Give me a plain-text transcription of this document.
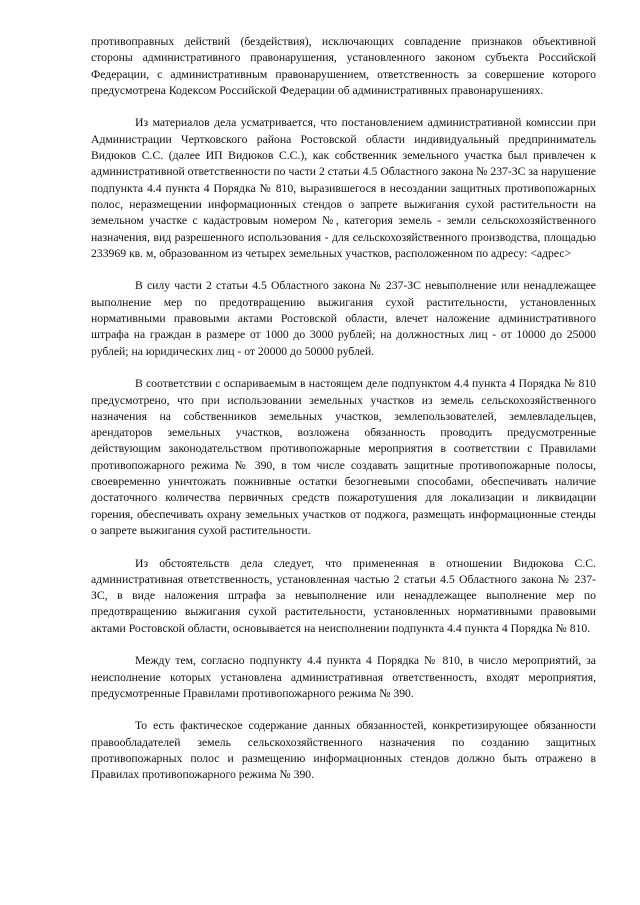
противоправных действий (бездействия), исключающих совпадение признаков объективной стороны административного правонарушения, установленного законом субъекта Российской Федерации, с административным правонарушением, ответственность за совершение которого предусмотрена Кодексом Российской Федерации об административных правонарушениях.

Из материалов дела усматривается, что постановлением административной комиссии при Администрации Чертковского района Ростовской области индивидуальный предприниматель Видюков С.С. (далее ИП Видюков С.С.), как собственник земельного участка был привлечен к административной ответственности по части 2 статьи 4.5 Областного закона № 237-ЗС за нарушение подпункта 4.4 пункта 4 Порядка № 810, выразившегося в несоздании защитных противопожарных полос, неразмещении информационных стендов о запрете выжигания сухой растительности на земельном участке с кадастровым номером №, категория земель - земли сельскохозяйственного назначения, вид разрешенного использования - для сельскохозяйственного производства, площадью 233969 кв. м, образованном из четырех земельных участков, расположенном по адресу: <адрес>

В силу части 2 статьи 4.5 Областного закона № 237-ЗС невыполнение или ненадлежащее выполнение мер по предотвращению выжигания сухой растительности, установленных нормативными правовыми актами Ростовской области, влечет наложение административного штрафа на граждан в размере от 1000 до 3000 рублей; на должностных лиц - от 10000 до 25000 рублей; на юридических лиц - от 20000 до 50000 рублей.

В соответствии с оспариваемым в настоящем деле подпунктом 4.4 пункта 4 Порядка № 810 предусмотрено, что при использовании земельных участков из земель сельскохозяйственного назначения на собственников земельных участков, землепользователей, землевладельцев, арендаторов земельных участков, возложена обязанность проводить предусмотренные действующим законодательством противопожарные мероприятия в соответствии с Правилами противопожарного режима № 390, в том числе создавать защитные противопожарные полосы, своевременно уничтожать пожнивные остатки безогневыми способами, обеспечивать наличие достаточного количества первичных средств пожаротушения для локализации и ликвидации горения, обеспечивать охрану земельных участков от поджога, размещать информационные стенды о запрете выжигания сухой растительности.

Из обстоятельств дела следует, что примененная в отношении Видюкова С.С. административная ответственность, установленная частью 2 статьи 4.5 Областного закона № 237-ЗС, в виде наложения штрафа за невыполнение или ненадлежащее выполнение мер по предотвращению выжигания сухой растительности, установленных нормативными правовыми актами Ростовской области, основывается на неисполнении подпункта 4.4 пункта 4 Порядка № 810.

Между тем, согласно подпункту 4.4 пункта 4 Порядка № 810, в число мероприятий, за неисполнение которых установлена административная ответственность, входят мероприятия, предусмотренные Правилами противопожарного режима № 390.

То есть фактическое содержание данных обязанностей, конкретизирующее обязанности правообладателей земель сельскохозяйственного назначения по созданию защитных противопожарных полос и размещению информационных стендов должно быть отражено в Правилах противопожарного режима № 390.
